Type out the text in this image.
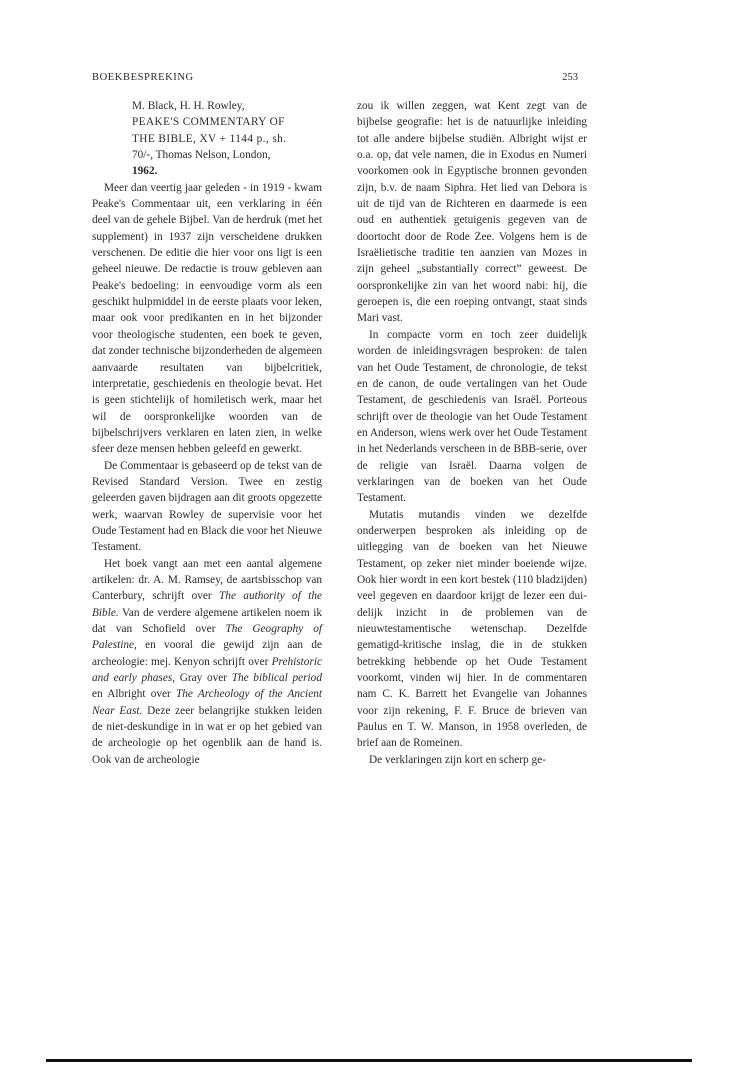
BOEKBESPREKING	253

M. Black, H. H. Rowley,
PEAKE'S COMMENTARY OF
THE BIBLE, XV + 1144 p., sh.
70/-, Thomas Nelson, London,
1962.

Meer dan veertig jaar geleden - in 1919 - kwam Peake's Commentaar uit, een verklaring in één deel van de gehele Bijbel. Van de herdruk (met het supplement) in 1937 zijn verscheidene drukken verschenen. De editie die hier voor ons ligt is een geheel nieuwe. De redactie is trouw gebleven aan Peake's bedoeling: in eenvoudige vorm als een geschikt hulpmiddel in de eerste plaats voor leken, maar ook voor predikanten en in het bijzonder voor theologische studenten, een boek te geven, dat zonder technische bijzonderheden de algemeen aanvaarde resultaten van bijbelcritiek, interpretatie, geschiedenis en theologie bevat. Het is geen stichtelijk of homiletisch werk, maar het wil de oorspronkelijke woorden van de bijbelschrijvers verklaren en laten zien, in welke sfeer deze mensen hebben geleefd en gewerkt.

De Commentaar is gebaseerd op de tekst van de Revised Standard Version. Twee en zestig geleerden gaven bijdragen aan dit groots opgezette werk, waarvan Rowley de supervisie voor het Oude Testament had en Black die voor het Nieuwe Testament.

Het boek vangt aan met een aantal algemene artikelen: dr. A. M. Ramsey, de aartsbisschop van Canterbury, schrijft over The authority of the Bible. Van de verdere algemene artikelen noem ik dat van Schofield over The Geography of Palestine, en vooral die gewijd zijn aan de archeologie: mej. Kenyon schrijft over Prehistoric and early phases, Gray over The biblical period en Albright over The Archeology of the Ancient Near East. Deze zeer belangrijke stukken leiden de niet-deskundige in in wat er op het gebied van de archeologie op het ogenblik aan de hand is. Ook van de archeologie

zou ik willen zeggen, wat Kent zegt van de bijbelse geografie: het is de natuurlijke inleiding tot alle andere bijbelse studiën. Albright wijst er o.a. op, dat vele namen, die in Exodus en Numeri voorkomen ook in Egyptische bronnen gevonden zijn, b.v. de naam Siphra. Het lied van Debora is uit de tijd van de Richteren en daarmede is een oud en authentiek getuigenis gegeven van de doortocht door de Rode Zee. Volgens hem is de Israëlietische traditie ten aanzien van Mozes in zijn geheel „substantially correct” geweest. De oorspronkelijke zin van het woord nabi: hij, die geroepen is, die een roeping ontvangt, staat sinds Mari vast.

In compacte vorm en toch zeer duidelijk worden de inleidingsvragen besproken: de talen van het Oude Testament, de chronologie, de tekst en de canon, de oude vertalingen van het Oude Testament, de geschiedenis van Israël. Porteous schrijft over de theologie van het Oude Testament en Anderson, wiens werk over het Oude Testament in het Nederlands verscheen in de BBB-serie, over de religie van Israël. Daarna volgen de verklaringen van de boeken van het Oude Testament.

Mutatis mutandis vinden we dezelfde onderwerpen besproken als inleiding op de uitlegging van de boeken van het Nieuwe Testament, op zeker niet minder boeiende wijze. Ook hier wordt in een kort bestek (110 bladzijden) veel gegeven en daardoor krijgt de lezer een duidelijk inzicht in de problemen van de nieuwtestamentische wetenschap. Dezelfde gematigd-kritische inslag, die in de stukken betrekking hebbende op het Oude Testament voorkomt, vinden wij hier. In de commentaren nam C. K. Barrett het Evangelie van Johannes voor zijn rekening, F. F. Bruce de brieven van Paulus en T. W. Manson, in 1958 overleden, de brief aan de Romeinen.

De verklaringen zijn kort en scherp ge-
